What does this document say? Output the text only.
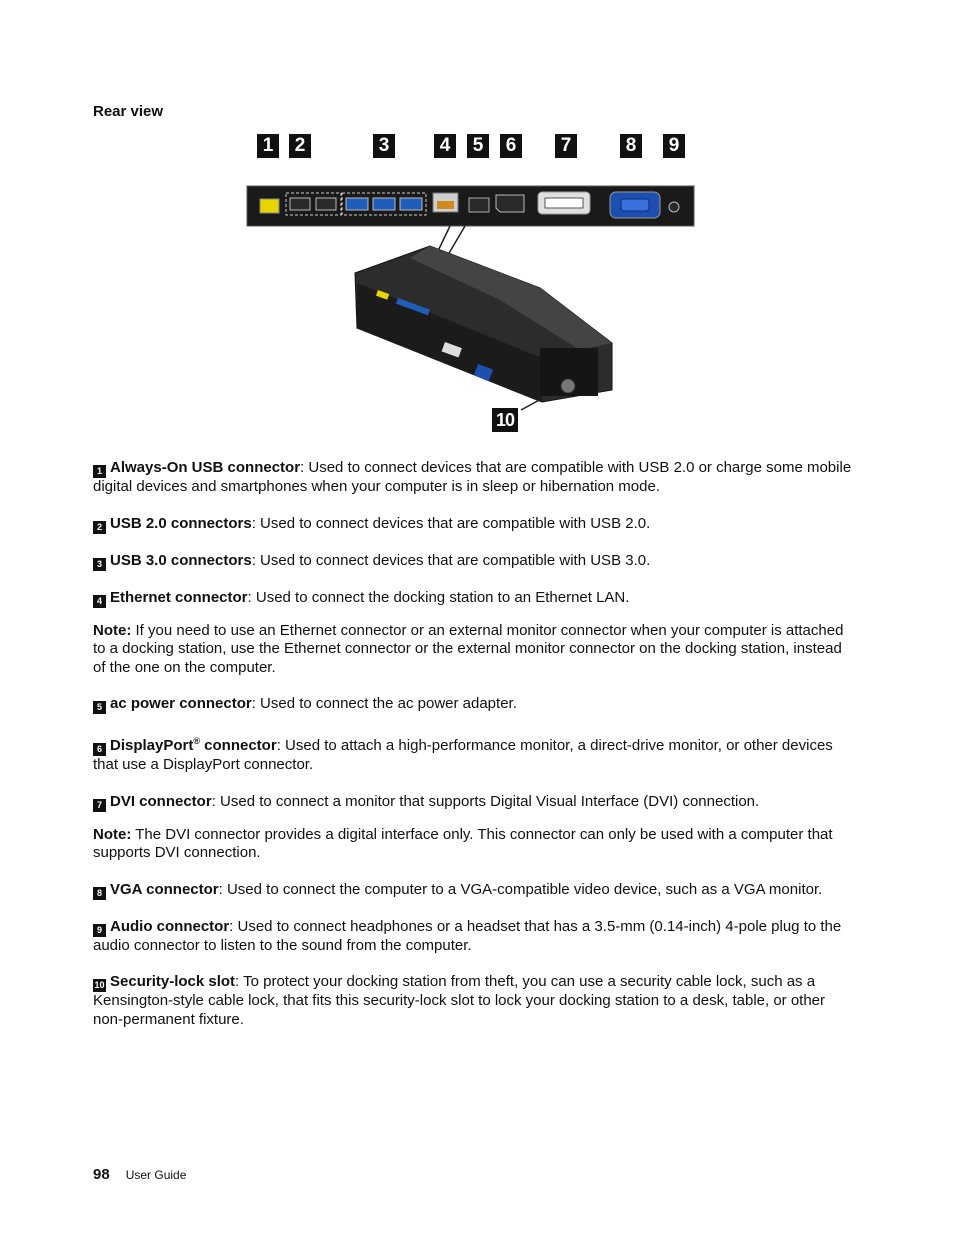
Rear view
1	2	3	4	5	6	7	8	9
10

1 Always-On USB connector: Used to connect devices that are compatible with USB 2.0 or charge some mobile digital devices and smartphones when your computer is in sleep or hibernation mode.

2 USB 2.0 connectors: Used to connect devices that are compatible with USB 2.0.

3 USB 3.0 connectors: Used to connect devices that are compatible with USB 3.0.

4 Ethernet connector: Used to connect the docking station to an Ethernet LAN.

Note: If you need to use an Ethernet connector or an external monitor connector when your computer is attached to a docking station, use the Ethernet connector or the external monitor connector on the docking station, instead of the one on the computer.

5 ac power connector: Used to connect the ac power adapter.

6 DisplayPort® connector: Used to attach a high-performance monitor, a direct-drive monitor, or other devices that use a DisplayPort connector.

7 DVI connector: Used to connect a monitor that supports Digital Visual Interface (DVI) connection.

Note: The DVI connector provides a digital interface only. This connector can only be used with a computer that supports DVI connection.

8 VGA connector: Used to connect the computer to a VGA-compatible video device, such as a VGA monitor.

9 Audio connector: Used to connect headphones or a headset that has a 3.5-mm (0.14-inch) 4-pole plug to the audio connector to listen to the sound from the computer.

10 Security-lock slot: To protect your docking station from theft, you can use a security cable lock, such as a Kensington-style cable lock, that fits this security-lock slot to lock your docking station to a desk, table, or other non-permanent fixture.

98 User Guide
